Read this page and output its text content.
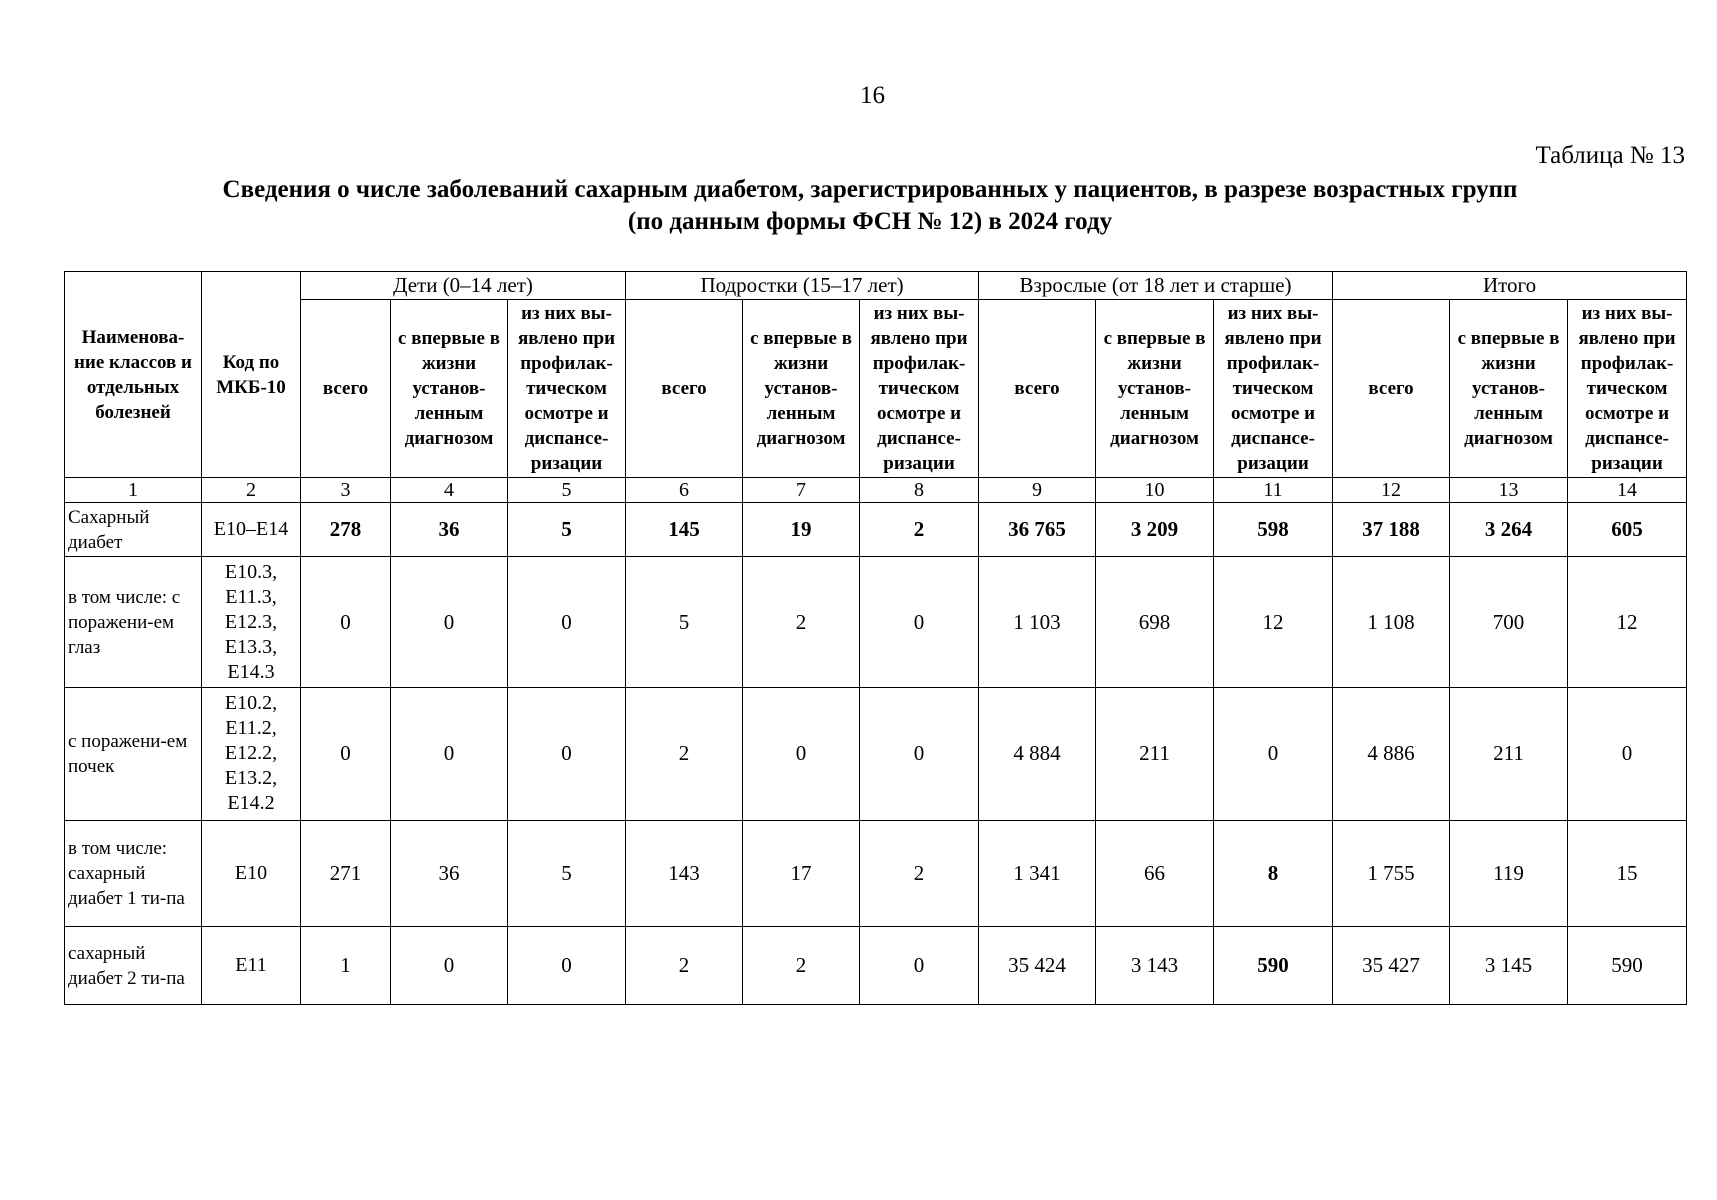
16
Таблица № 13
Сведения о числе заболеваний сахарным диабетом, зарегистрированных у пациентов, в разрезе возрастных групп
(по данным формы ФСН № 12) в 2024 году
Наименова-ние классов и отдельных болезней	Код по МКБ-10	Дети (0–14 лет)			Подростки (15–17 лет)			Взрослые (от 18 лет и старше)			Итого		
		всего	с впервые в жизни установ-ленным диагнозом	из них вы-явлено при профилак-тическом осмотре и диспансе-ризации	всего	с впервые в жизни установ-ленным диагнозом	из них вы-явлено при профилак-тическом осмотре и диспансе-ризации	всего	с впервые в жизни установ-ленным диагнозом	из них вы-явлено при профилак-тическом осмотре и диспансе-ризации	всего	с впервые в жизни установ-ленным диагнозом	из них вы-явлено при профилак-тическом осмотре и диспансе-ризации
1	2	3	4	5	6	7	8	9	10	11	12	13	14
Сахарный диабет	E10–E14	278	36	5	145	19	2	36 765	3 209	598	37 188	3 264	605
в том числе: с поражени-ем глаз	E10.3, E11.3, E12.3, E13.3, E14.3	0	0	0	5	2	0	1 103	698	12	1 108	700	12
с поражени-ем почек	E10.2, E11.2, E12.2, E13.2, E14.2	0	0	0	2	0	0	4 884	211	0	4 886	211	0
в том числе: сахарный диабет 1 ти-па	E10	271	36	5	143	17	2	1 341	66	8	1 755	119	15
сахарный диабет 2 ти-па	E11	1	0	0	2	2	0	35 424	3 143	590	35 427	3 145	590
